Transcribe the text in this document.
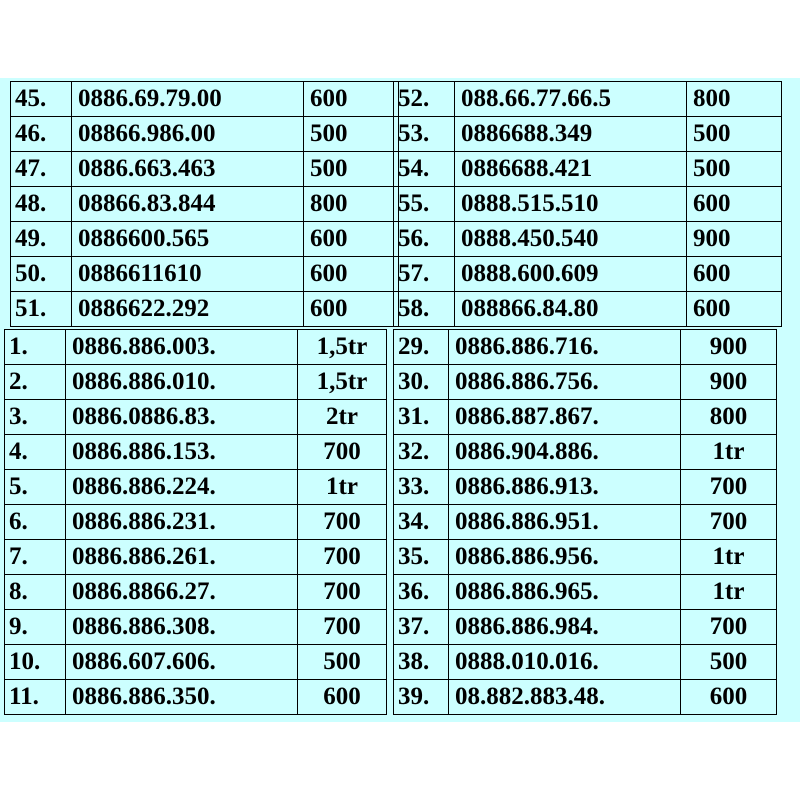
45.	0886.69.79.00	600
46.	08866.986.00	500
47.	0886.663.463	500
48.	08866.83.844	800
49.	0886600.565	600
50.	0886611610	600
51.	0886622.292	600
52.	088.66.77.66.5	800
53.	0886688.349	500
54.	0886688.421	500
55.	0888.515.510	600
56.	0888.450.540	900
57.	0888.600.609	600
58.	088866.84.80	600
1.	0886.886.003.	1,5tr
2.	0886.886.010.	1,5tr
3.	0886.0886.83.	2tr
4.	0886.886.153.	700
5.	0886.886.224.	1tr
6.	0886.886.231.	700
7.	0886.886.261.	700
8.	0886.8866.27.	700
9.	0886.886.308.	700
10.	0886.607.606.	500
11.	0886.886.350.	600
29.	0886.886.716.	900
30.	0886.886.756.	900
31.	0886.887.867.	800
32.	0886.904.886.	1tr
33.	0886.886.913.	700
34.	0886.886.951.	700
35.	0886.886.956.	1tr
36.	0886.886.965.	1tr
37.	0886.886.984.	700
38.	0888.010.016.	500
39.	08.882.883.48.	600
